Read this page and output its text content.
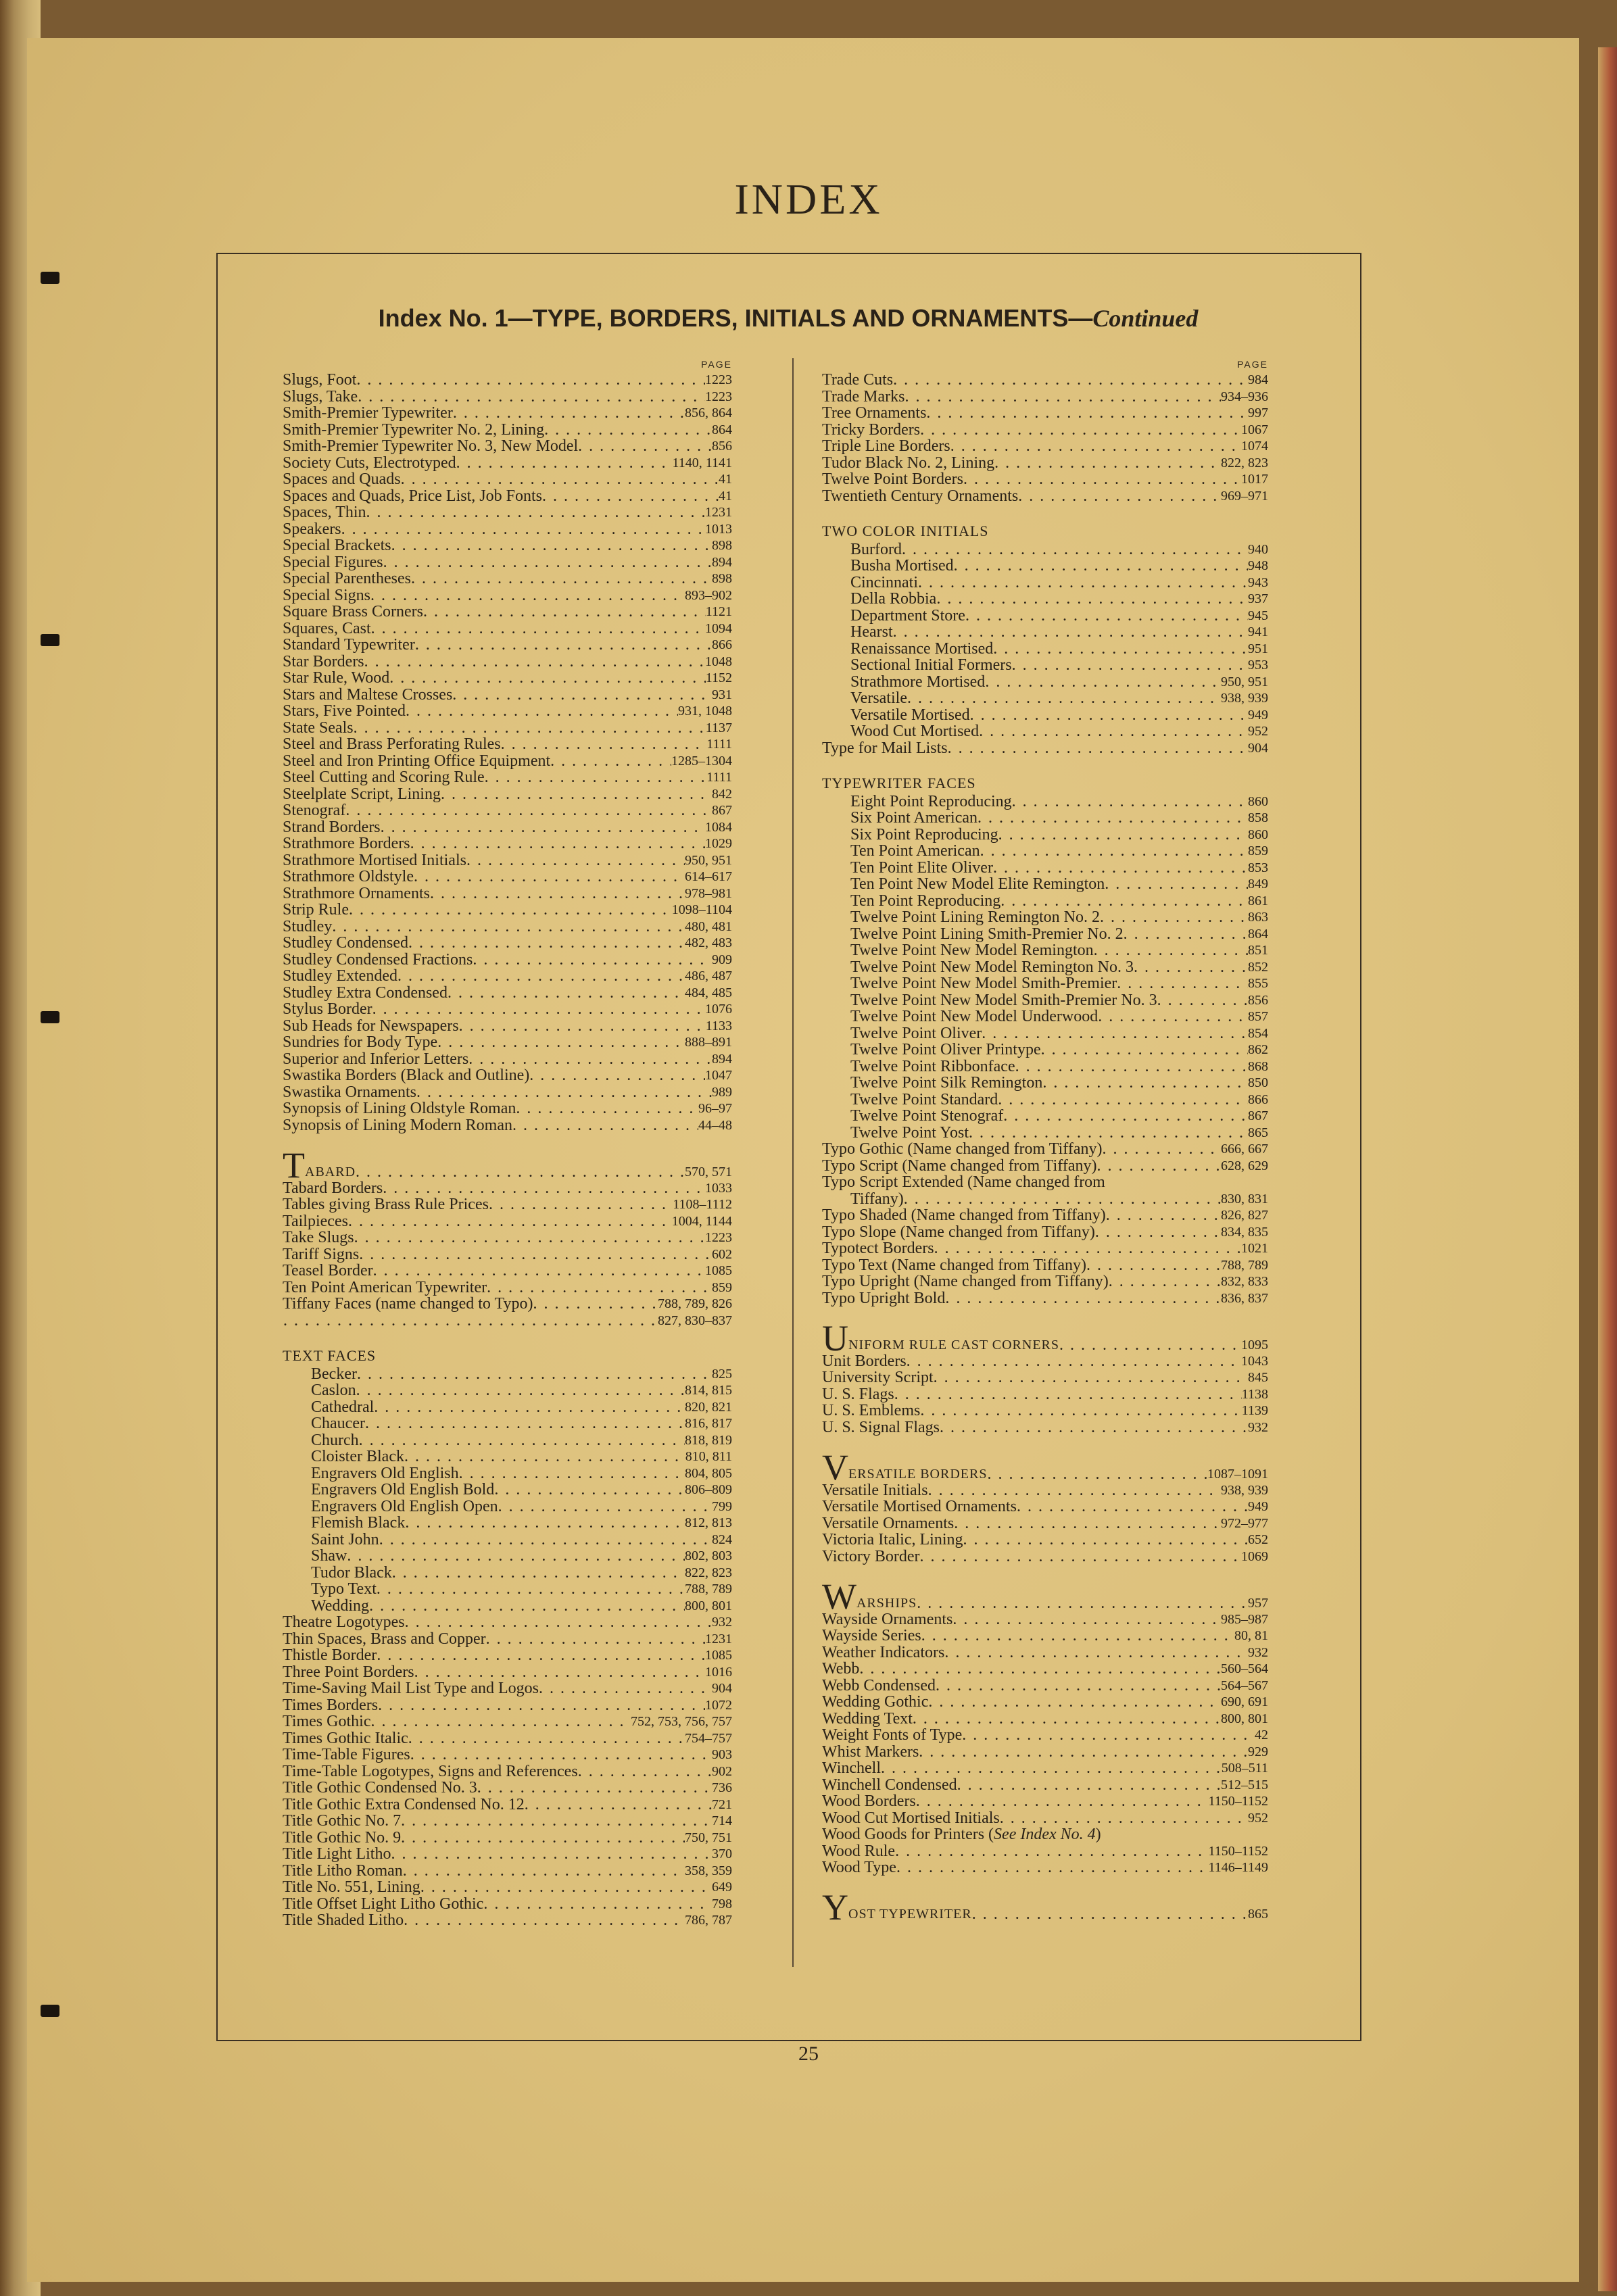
INDEX
Index No. 1—TYPE, BORDERS, INITIALS AND ORNAMENTS—Continued
PAGE
Slugs, Foot . . .	1223
Slugs, Take . . .	1223
Smith-Premier Typewriter . . .	856, 864
Smith-Premier Typewriter No. 2, Lining . . .	864
Smith-Premier Typewriter No. 3, New Model . . .	856
Society Cuts, Electrotyped . . .	1140, 1141
Spaces and Quads . . .	41
Spaces and Quads, Price List, Job Fonts . . .	41
Spaces, Thin . . .	1231
Speakers . . .	1013
Special Brackets . . .	898
Special Figures . . .	894
Special Parentheses . . .	898
Special Signs . . .	893–902
Square Brass Corners . . .	1121
Squares, Cast . . .	1094
Standard Typewriter . . .	866
Star Borders . . .	1048
Star Rule, Wood . . .	1152
Stars and Maltese Crosses . . .	931
Stars, Five Pointed . . .	931, 1048
State Seals . . .	1137
Steel and Brass Perforating Rules . . .	1111
Steel and Iron Printing Office Equipment . . .	1285–1304
Steel Cutting and Scoring Rule . . .	1111
Steelplate Script, Lining . . .	842
Stenograf . . .	867
Strand Borders . . .	1084
Strathmore Borders . . .	1029
Strathmore Mortised Initials . . .	950, 951
Strathmore Oldstyle . . .	614–617
Strathmore Ornaments . . .	978–981
Strip Rule . . .	1098–1104
Studley . . .	480, 481
Studley Condensed . . .	482, 483
Studley Condensed Fractions . . .	909
Studley Extended . . .	486, 487
Studley Extra Condensed . . .	484, 485
Stylus Border . . .	1076
Sub Heads for Newspapers . . .	1133
Sundries for Body Type . . .	888–891
Superior and Inferior Letters . . .	894
Swastika Borders (Black and Outline) . . .	1047
Swastika Ornaments . . .	989
Synopsis of Lining Oldstyle Roman . . .	96–97
Synopsis of Lining Modern Roman . . .	44–48
T ABARD . . .	570, 571
Tabard Borders . . .	1033
Tables giving Brass Rule Prices . . .	1108–1112
Tailpieces . . .	1004, 1144
Take Slugs . . .	1223
Tariff Signs . . .	602
Teasel Border . . .	1085
Ten Point American Typewriter . . .	859
Tiffany Faces (name changed to Typo) . . .	788, 789, 826
. . .
827, 830–837
TEXT FACES
Becker . . .	825
Caslon . . .	814, 815
Cathedral . . .	820, 821
Chaucer . . .	816, 817
Church . . .	818, 819
Cloister Black . . .	810, 811
Engravers Old English . . .	804, 805
Engravers Old English Bold . . .	806–809
Engravers Old English Open . . .	799
Flemish Black . . .	812, 813
Saint John . . .	824
Shaw . . .	802, 803
Tudor Black . . .	822, 823
Typo Text . . .	788, 789
Wedding . . .	800, 801
Theatre Logotypes . . .	932
Thin Spaces, Brass and Copper . . .	1231
Thistle Border . . .	1085
Three Point Borders . . .	1016
Time-Saving Mail List Type and Logos . . .	904
Times Borders . . .	1072
Times Gothic . . .	752, 753, 756, 757
Times Gothic Italic . . .	754–757
Time-Table Figures . . .	903
Time-Table Logotypes, Signs and References . . .	902
Title Gothic Condensed No. 3 . . .	736
Title Gothic Extra Condensed No. 12 . . .	721
Title Gothic No. 7 . . .	714
Title Gothic No. 9 . . .	750, 751
Title Light Litho . . .	370
Title Litho Roman . . .	358, 359
Title No. 551, Lining . . .	649
Title Offset Light Litho Gothic . . .	798
Title Shaded Litho . . .	786, 787
PAGE
Trade Cuts . . .	984
Trade Marks . . .	934–936
Tree Ornaments . . .	997
Tricky Borders . . .	1067
Triple Line Borders . . .	1074
Tudor Black No. 2, Lining . . .	822, 823
Twelve Point Borders . . .	1017
Twentieth Century Ornaments . . .	969–971
TWO COLOR INITIALS
Burford . . .	940
Busha Mortised . . .	948
Cincinnati . . .	943
Della Robbia . . .	937
Department Store . . .	945
Hearst . . .	941
Renaissance Mortised . . .	951
Sectional Initial Formers . . .	953
Strathmore Mortised . . .	950, 951
Versatile . . .	938, 939
Versatile Mortised . . .	949
Wood Cut Mortised . . .	952
Type for Mail Lists . . .	904
TYPEWRITER FACES
Eight Point Reproducing . . .	860
Six Point American . . .	858
Six Point Reproducing . . .	860
Ten Point American . . .	859
Ten Point Elite Oliver . . .	853
Ten Point New Model Elite Remington . . .	849
Ten Point Reproducing . . .	861
Twelve Point Lining Remington No. 2 . . .	863
Twelve Point Lining Smith-Premier No. 2 . . .	864
Twelve Point New Model Remington . . .	851
Twelve Point New Model Remington No. 3 . . .	852
Twelve Point New Model Smith-Premier . . .	855
Twelve Point New Model Smith-Premier No. 3 . . .	856
Twelve Point New Model Underwood . . .	857
Twelve Point Oliver . . .	854
Twelve Point Oliver Printype . . .	862
Twelve Point Ribbonface . . .	868
Twelve Point Silk Remington . . .	850
Twelve Point Standard . . .	866
Twelve Point Stenograf . . .	867
Twelve Point Yost . . .	865
Typo Gothic (Name changed from Tiffany) . . .	666, 667
Typo Script (Name changed from Tiffany) . . .	628, 629
Typo Script Extended (Name changed from
Tiffany) . . .	830, 831
Typo Shaded (Name changed from Tiffany) . . .	826, 827
Typo Slope (Name changed from Tiffany) . . .	834, 835
Typotect Borders . . .	1021
Typo Text (Name changed from Tiffany) . . .	788, 789
Typo Upright (Name changed from Tiffany) . . .	832, 833
Typo Upright Bold . . .	836, 837
U NIFORM RULE CAST CORNERS . . .	1095
Unit Borders . . .	1043
University Script . . .	845
U. S. Flags . . .	1138
U. S. Emblems . . .	1139
U. S. Signal Flags . . .	932
V ERSATILE BORDERS . . .	1087–1091
Versatile Initials . . .	938, 939
Versatile Mortised Ornaments . . .	949
Versatile Ornaments . . .	972–977
Victoria Italic, Lining . . .	652
Victory Border . . .	1069
W ARSHIPS . . .	957
Wayside Ornaments . . .	985–987
Wayside Series . . .	80, 81
Weather Indicators . . .	932
Webb . . .	560–564
Webb Condensed . . .	564–567
Wedding Gothic . . .	690, 691
Wedding Text . . .	800, 801
Weight Fonts of Type . . .	42
Whist Markers . . .	929
Winchell . . .	508–511
Winchell Condensed . . .	512–515
Wood Borders . . .	1150–1152
Wood Cut Mortised Initials . . .	952
Wood Goods for Printers (See Index No. 4)
Wood Rule . . .	1150–1152
Wood Type . . .	1146–1149
Y OST TYPEWRITER . . .	865
25
